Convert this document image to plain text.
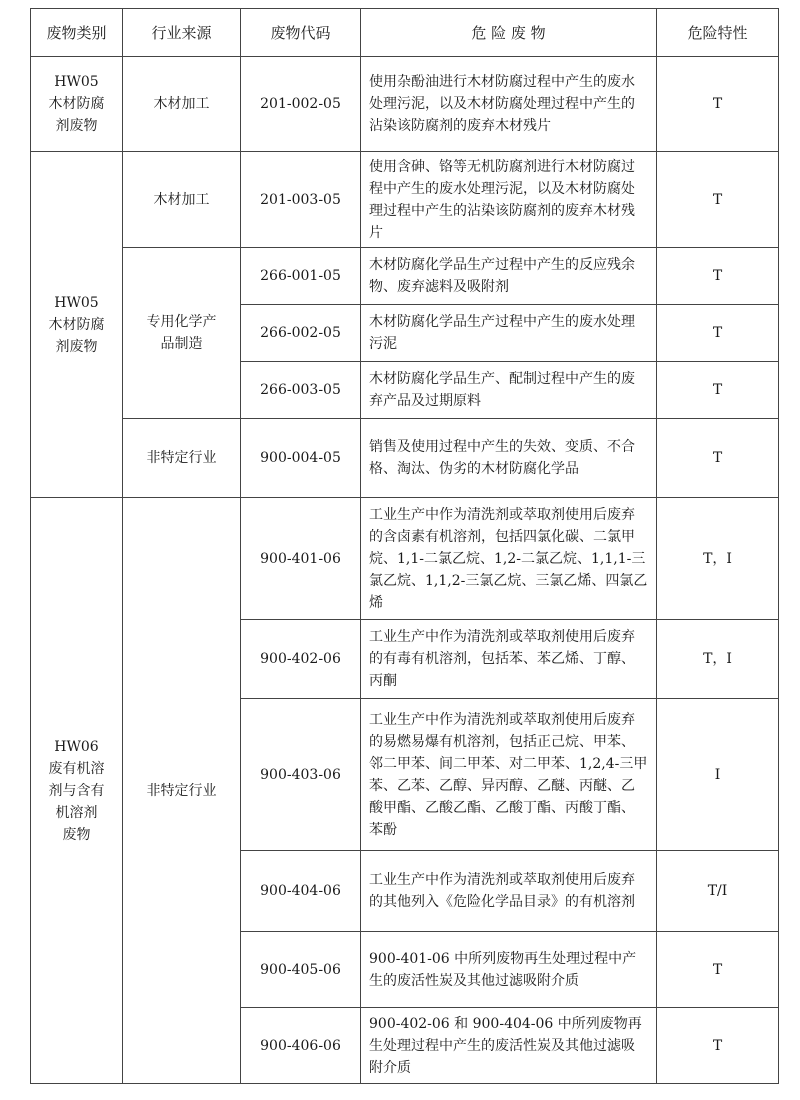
废物类别	行业来源	废物代码	危 险 废 物	危险特性
HW05
木材防腐
剂废物	木材加工	201-002-05	使用杂酚油进行木材防腐过程中产生的废水处理污泥，以及木材防腐处理过程中产生的沾染该防腐剂的废弃木材残片	T
HW05
木材防腐
剂废物	木材加工	201-003-05	使用含砷、铬等无机防腐剂进行木材防腐过程中产生的废水处理污泥，以及木材防腐处理过程中产生的沾染该防腐剂的废弃木材残片	T
	专用化学产
品制造	266-001-05	木材防腐化学品生产过程中产生的反应残余物、废弃滤料及吸附剂	T
		266-002-05	木材防腐化学品生产过程中产生的废水处理污泥	T
		266-003-05	木材防腐化学品生产、配制过程中产生的废弃产品及过期原料	T
	非特定行业	900-004-05	销售及使用过程中产生的失效、变质、不合格、淘汰、伪劣的木材防腐化学品	T
HW06
废有机溶
剂与含有
机溶剂
废物	非特定行业	900-401-06	工业生产中作为清洗剂或萃取剂使用后废弃的含卤素有机溶剂，包括四氯化碳、二氯甲烷、1,1-二氯乙烷、1,2-二氯乙烷、1,1,1-三氯乙烷、1,1,2-三氯乙烷、三氯乙烯、四氯乙烯	T，I
		900-402-06	工业生产中作为清洗剂或萃取剂使用后废弃的有毒有机溶剂，包括苯、苯乙烯、丁醇、丙酮	T，I
		900-403-06	工业生产中作为清洗剂或萃取剂使用后废弃的易燃易爆有机溶剂，包括正己烷、甲苯、邻二甲苯、间二甲苯、对二甲苯、1,2,4-三甲苯、乙苯、乙醇、异丙醇、乙醚、丙醚、乙酸甲酯、乙酸乙酯、乙酸丁酯、丙酸丁酯、苯酚	I
		900-404-06	工业生产中作为清洗剂或萃取剂使用后废弃的其他列入《危险化学品目录》的有机溶剂	T/I
		900-405-06	900-401-06 中所列废物再生处理过程中产生的废活性炭及其他过滤吸附介质	T
		900-406-06	900-402-06 和 900-404-06 中所列废物再生处理过程中产生的废活性炭及其他过滤吸附介质	T
